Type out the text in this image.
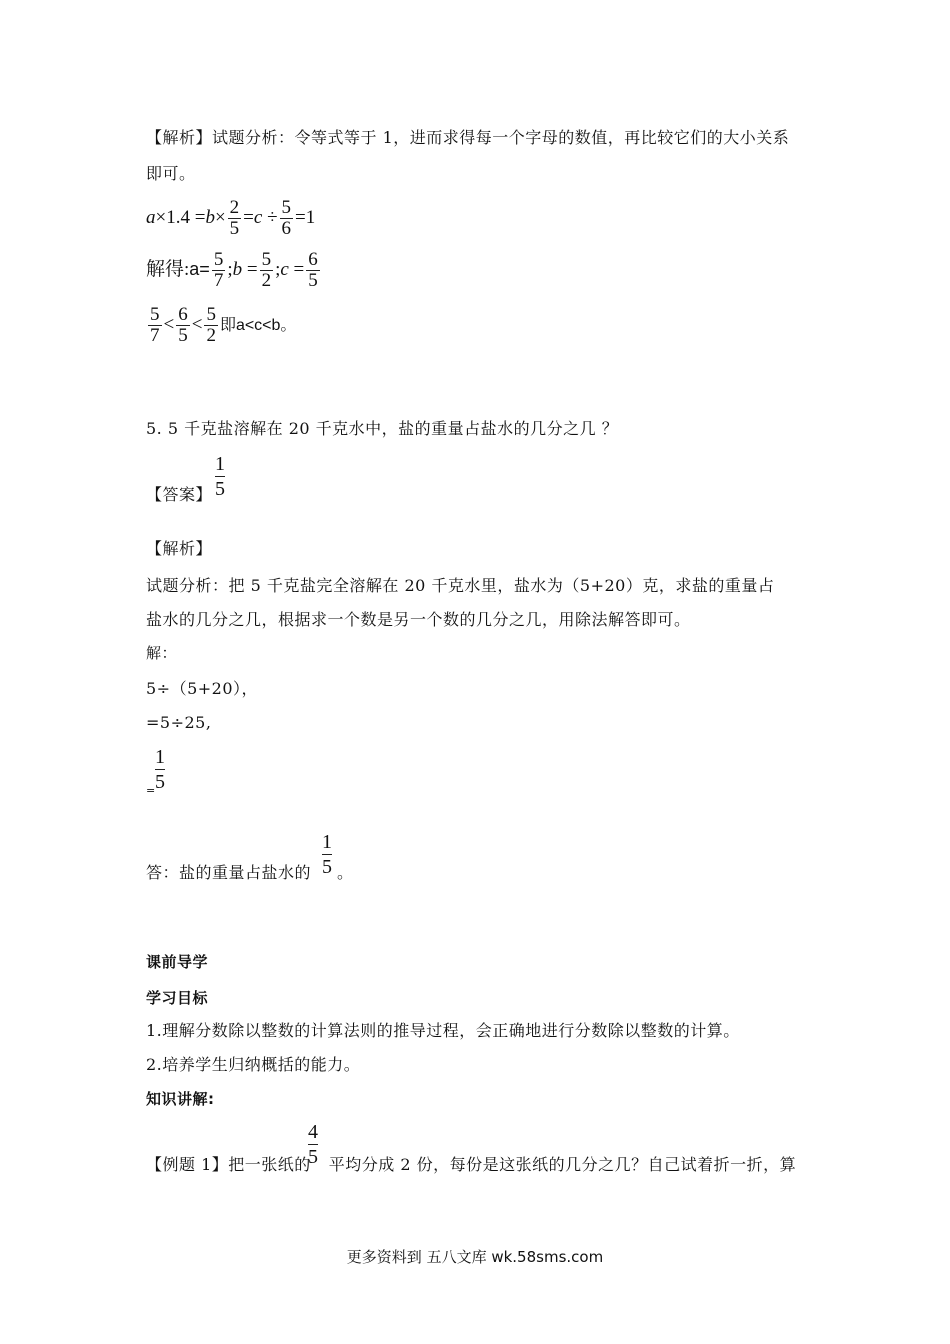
【解析】试题分析：令等式等于 1，进而求得每一个字母的数值，再比较它们的大小关系
即可。
$a\times 1.4 =b\times \frac{2}{5} =c \div \frac{5}{6} =1$
解得:a= $\frac{5}{7}$ ;b = $\frac{5}{2}$ ;c = $\frac{6}{5}$
$\frac{5}{7} < \frac{6}{5} < \frac{5}{2}$ 即a<c<b。
5. 5 千克盐溶解在 20 千克水中，盐的重量占盐水的几分之几 ？
【答案】
1
5
【解析】
试题分析：把 5 千克盐完全溶解在 20 千克水里，盐水为（5+20）克，求盐的重量占
盐水的几分之几，根据求一个数是另一个数的几分之几，用除法解答即可。
解：
5÷（5+20），
=5÷25,
=
1
5
答：盐的重量占盐水的 。
1
5
课前导学
学习目标
1.理解分数除以整数的计算法则的推导过程，会正确地进行分数除以整数的计算。
2.培养学生归纳概括的能力。
知识讲解:
【例题 1】把一张纸的 平均分成 2 份，每份是这张纸的几分之几？自己试着折一折，算
4
5
更多资料到 五八文库 wk.58sms.com
